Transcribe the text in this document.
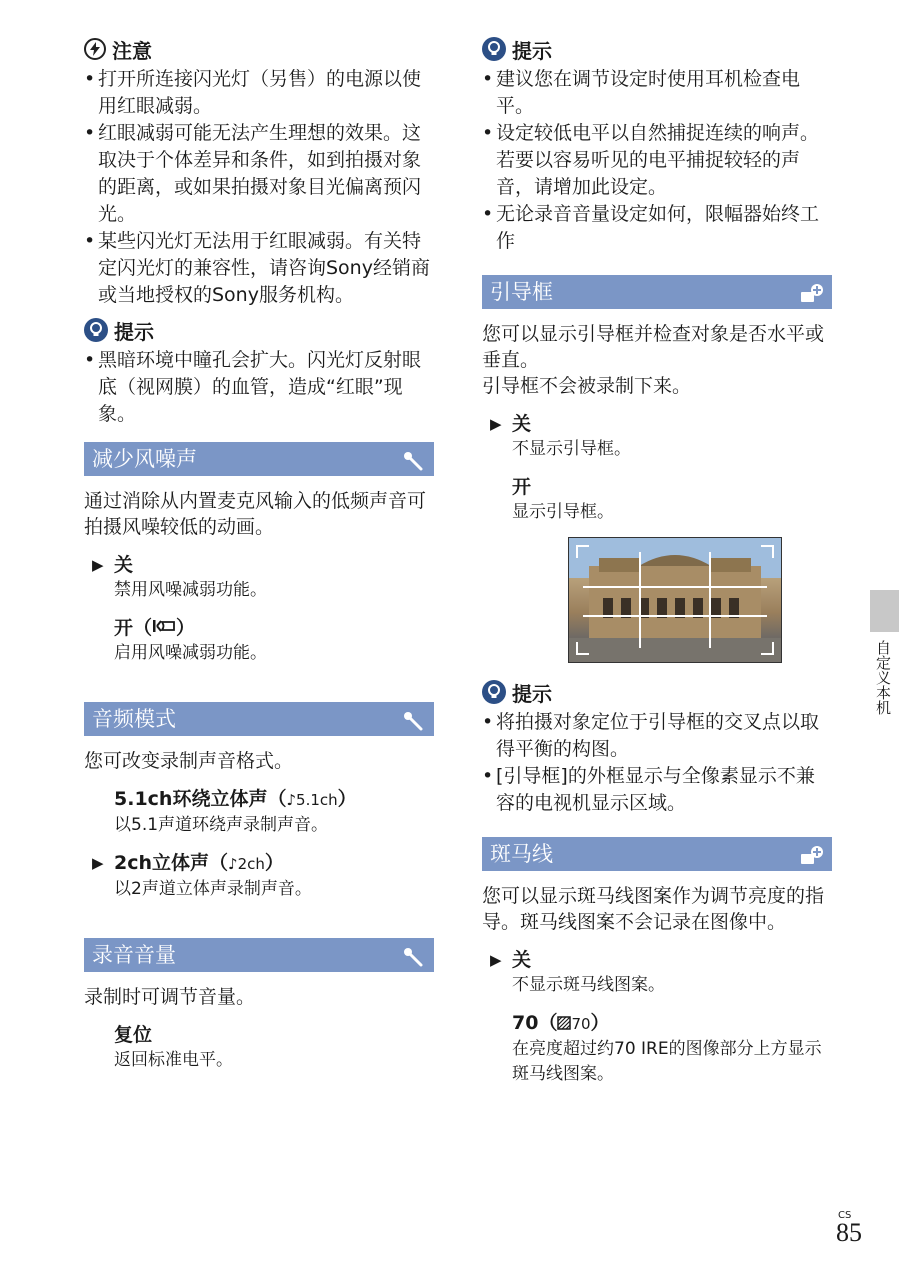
注意
• 打开所连接闪光灯（另售）的电源以使用红眼减弱。
• 红眼减弱可能无法产生理想的效果。这取决于个体差异和条件，如到拍摄对象的距离，或如果拍摄对象目光偏离预闪光。
• 某些闪光灯无法用于红眼减弱。有关特定闪光灯的兼容性，请咨询Sony经销商或当地授权的Sony服务机构。
提示
• 黑暗环境中瞳孔会扩大。闪光灯反射眼底（视网膜）的血管，造成“红眼”现象。
减少风噪声

通过消除从内置麦克风输入的低频声音可拍摄风噪较低的动画。

▶ 关
禁用风噪减弱功能。
开（ ）
启用风噪减弱功能。
音频模式

您可改变录制声音格式。

5.1ch环绕立体声（♪5.1ch）
以5.1声道环绕声录制声音。
▶ 2ch立体声（♪2ch）
以2声道立体声录制声音。
录音音量

录制时可调节音量。

复位
返回标准电平。
提示
• 建议您在调节设定时使用耳机检查电平。
• 设定较低电平以自然捕捉连续的响声。若要以容易听见的电平捕捉较轻的声音，请增加此设定。
• 无论录音音量设定如何，限幅器始终工作
引导框

您可以显示引导框并检查对象是否水平或垂直。

引导框不会被录制下来。

▶ 关
不显示引导框。
开
显示引导框。
提示
• 将拍摄对象定位于引导框的交叉点以取得平衡的构图。
• [引导框]的外框显示与全像素显示不兼容的电视机显示区域。
斑马线

您可以显示斑马线图案作为调节亮度的指导。斑马线图案不会记录在图像中。

▶ 关
不显示斑马线图案。
70（ 70）
在亮度超过约70 IRE的图像部分上方显示斑马线图案。
自定义本机
CS
85
